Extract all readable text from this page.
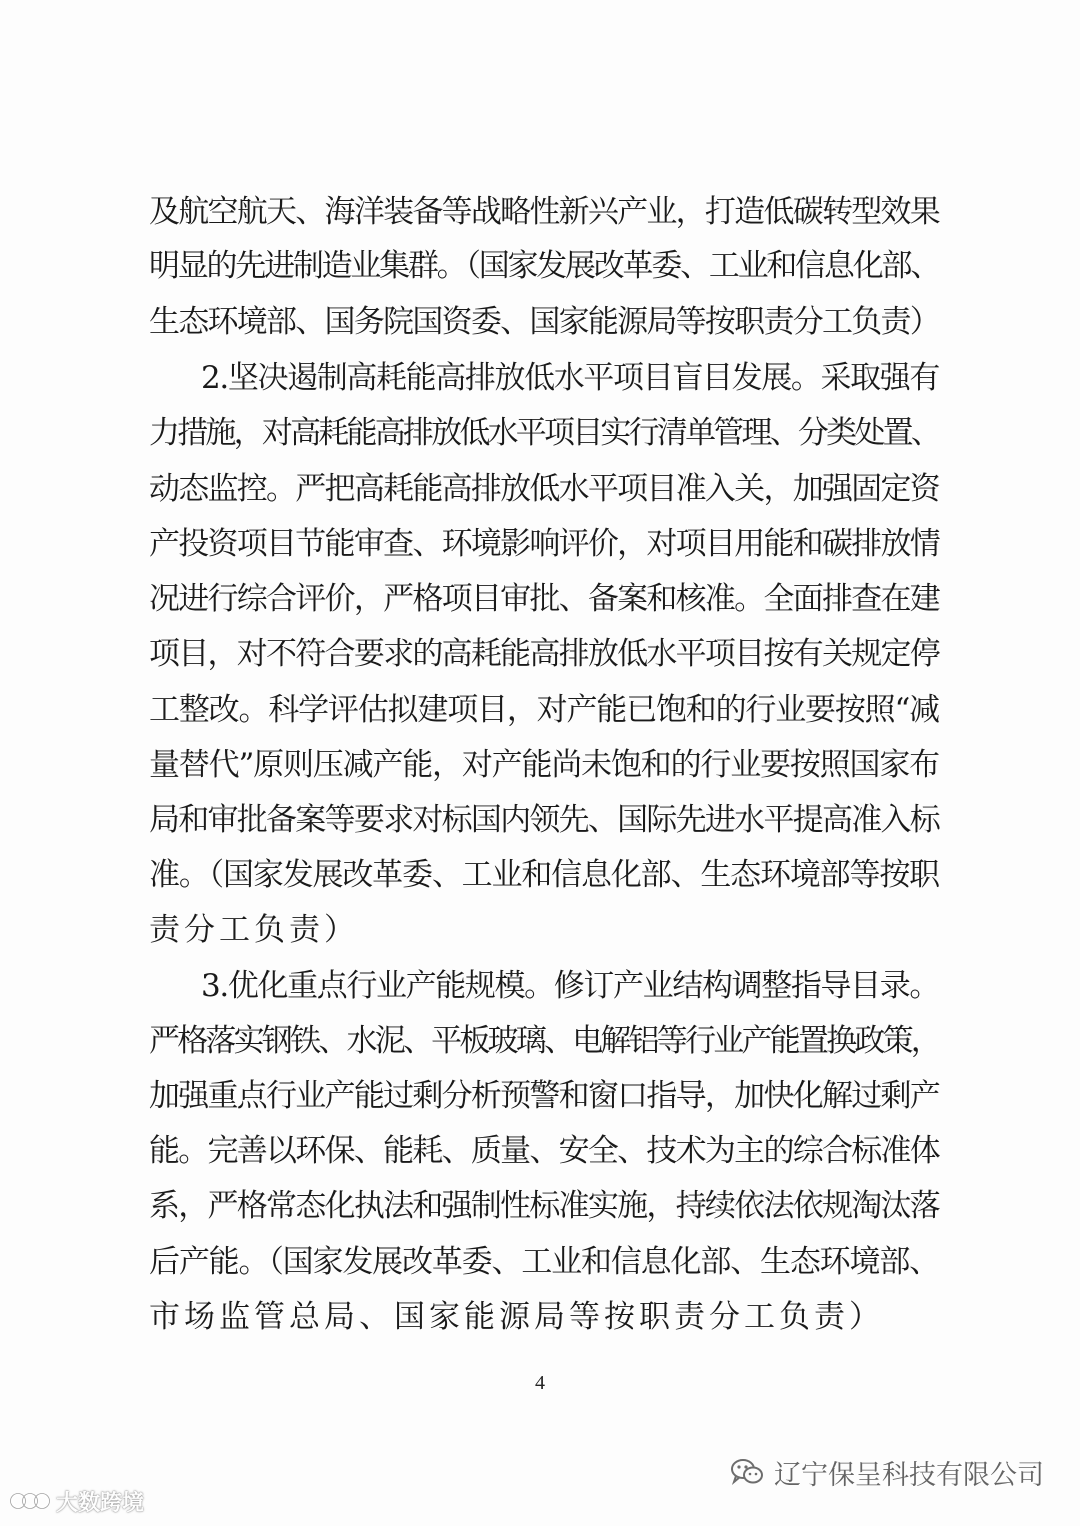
及航空航天、海洋装备等战略性新兴产业，打造低碳转型效果
明显的先进制造业集群。（国家发展改革委、工业和信息化部、
生态环境部、国务院国资委、国家能源局等按职责分工负责）
2.坚决遏制高耗能高排放低水平项目盲目发展。采取强有
力措施，对高耗能高排放低水平项目实行清单管理、分类处置、
动态监控。严把高耗能高排放低水平项目准入关，加强固定资
产投资项目节能审查、环境影响评价，对项目用能和碳排放情
况进行综合评价，严格项目审批、备案和核准。全面排查在建
项目，对不符合要求的高耗能高排放低水平项目按有关规定停
工整改。科学评估拟建项目，对产能已饱和的行业要按照“减
量替代”原则压减产能，对产能尚未饱和的行业要按照国家布
局和审批备案等要求对标国内领先、国际先进水平提高准入标
准。（国家发展改革委、工业和信息化部、生态环境部等按职
责分工负责）
3.优化重点行业产能规模。修订产业结构调整指导目录。
严格落实钢铁、水泥、平板玻璃、电解铝等行业产能置换政策，
加强重点行业产能过剩分析预警和窗口指导，加快化解过剩产
能。完善以环保、能耗、质量、安全、技术为主的综合标准体
系，严格常态化执法和强制性标准实施，持续依法依规淘汰落
后产能。（国家发展改革委、工业和信息化部、生态环境部、
市场监管总局、国家能源局等按职责分工负责）
4
辽宁保呈科技有限公司
大数跨境
